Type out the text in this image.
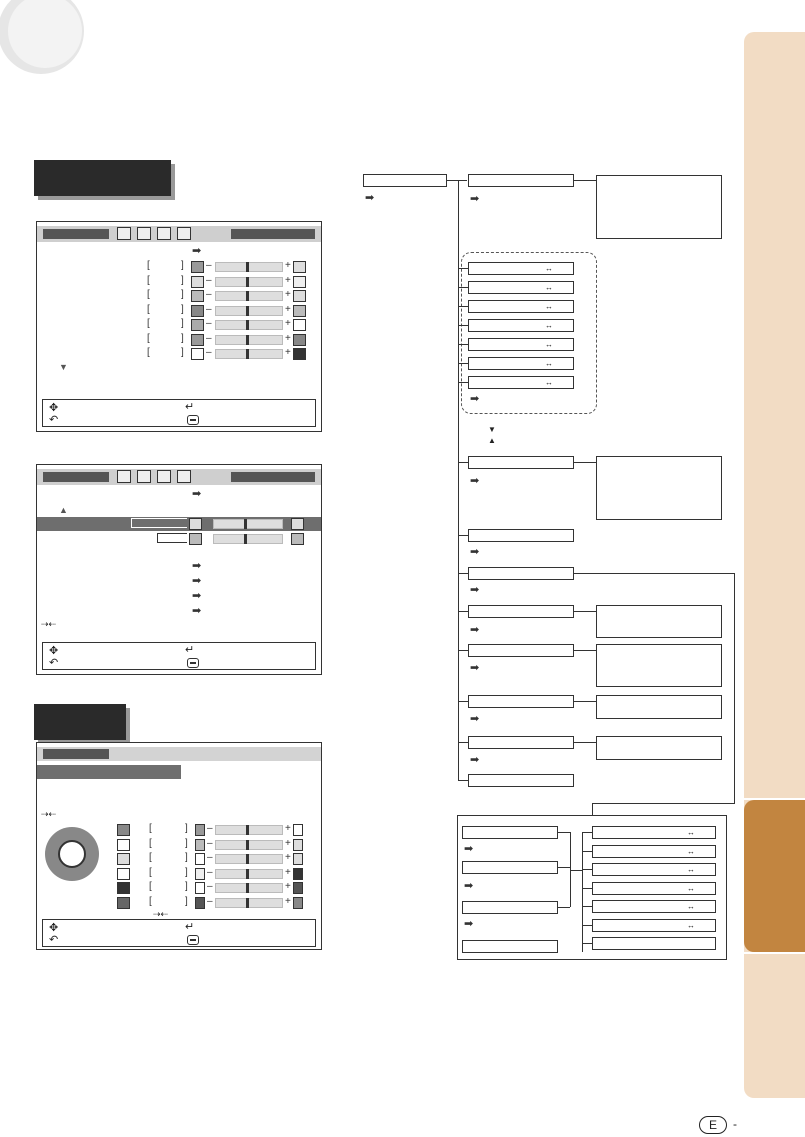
➡
[	] –	+
[	] –	+
[	] –	+
[	] –	+
[	] –	+
[	] –	+
[	] –	+
▼
✥
↶
↵
➡
▲
➡
➡
➡
➡
⇢⇠
✥
↶
↵
⇢⇠
[	] –	+
[	] –	+
[	] –	+
[	] –	+
[	] –	+
[	] –	+
⇢⇠
✥
↶
↵
➡	➡
↔
↔
↔
↔
↔
↔
↔
➡
▼
▲
➡
➡
➡
➡
➡
➡
➡
➡
➡
➡
↔
↔
↔
↔
↔
↔
E	-
